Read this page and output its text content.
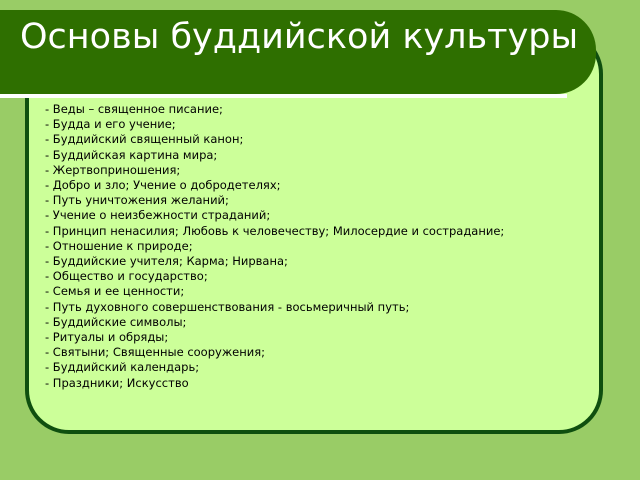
Основы буддийской культуры
- Веды – священное писание;
- Будда и его учение;
- Буддийский священный канон;
- Буддийская картина мира;
- Жертвоприношения;
- Добро и зло; Учение о добродетелях;
- Путь уничтожения желаний;
- Учение о неизбежности страданий;
- Принцип ненасилия; Любовь к человечеству; Милосердие и сострадание;
- Отношение к природе;
- Буддийские учителя; Карма; Нирвана;
- Общество и государство;
- Семья и ее ценности;
- Путь духовного совершенствования - восьмеричный путь;
- Буддийские символы;
- Ритуалы и обряды;
- Святыни; Священные сооружения;
- Буддийский календарь;
- Праздники; Искусство
